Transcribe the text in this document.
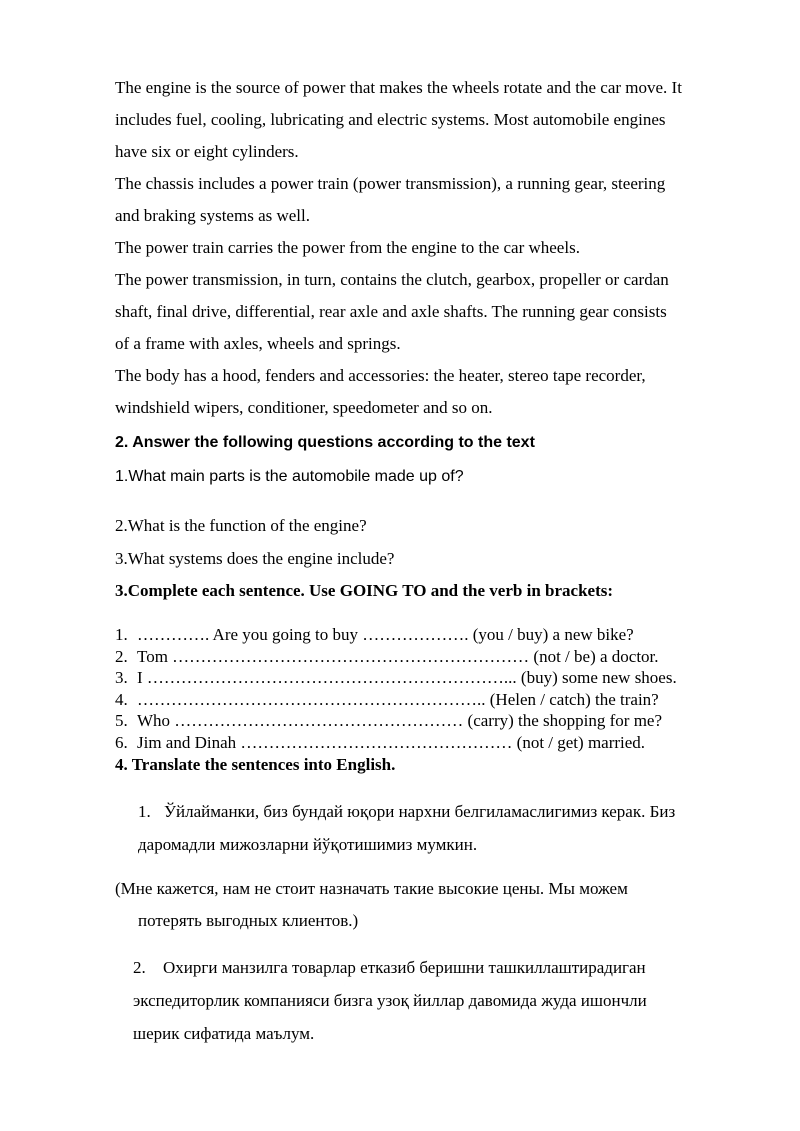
The engine is the source of power that makes the wheels rotate and the car move. It
includes fuel, cooling, lubricating and electric systems. Most automobile engines
have six or eight cylinders.
The chassis includes a power train (power transmission), a running gear, steering
and braking systems as well.
The power train carries the power from the engine to the car wheels.
The power transmission, in turn, contains the clutch, gearbox, propeller or cardan
shaft, final drive, differential, rear axle and axle shafts. The running gear consists
of a frame with axles, wheels and springs.
The body has a hood, fenders and accessories: the heater, stereo tape recorder,
windshield wipers, conditioner, speedometer and so on.
2. Answer the following questions according to the text
1.What main parts is the automobile made up of?
2.What is the function of the engine?
3.What systems does the engine include?
3.Complete each sentence. Use GOING TO and the verb in brackets:
1. …………. Are you going to buy ………………. (you / buy) a new bike?
2. Tom ……………………………………………………… (not / be) a doctor.
3. I ………………………………………………………... (buy) some new shoes.
4. …………………………………………………….. (Helen / catch) the train?
5. Who …………………………………………… (carry) the shopping for me?
6. Jim and Dinah ………………………………………… (not / get) married.
4. Translate the sentences into English.
1. Ўйлайманки, биз бундай юқори нархни белгиламаслигимиз керак. Биз
даромадли мижозларни йўқотишимиз мумкин.
(Мне кажется, нам не стоит назначать такие высокие цены. Мы можем
потерять выгодных клиентов.)
2. Охирги манзилга товарлар етказиб беришни ташкиллаштирадиган
экспедиторлик компанияси бизга узоқ йиллар давомида жуда ишончли
шерик сифатида маълум.
